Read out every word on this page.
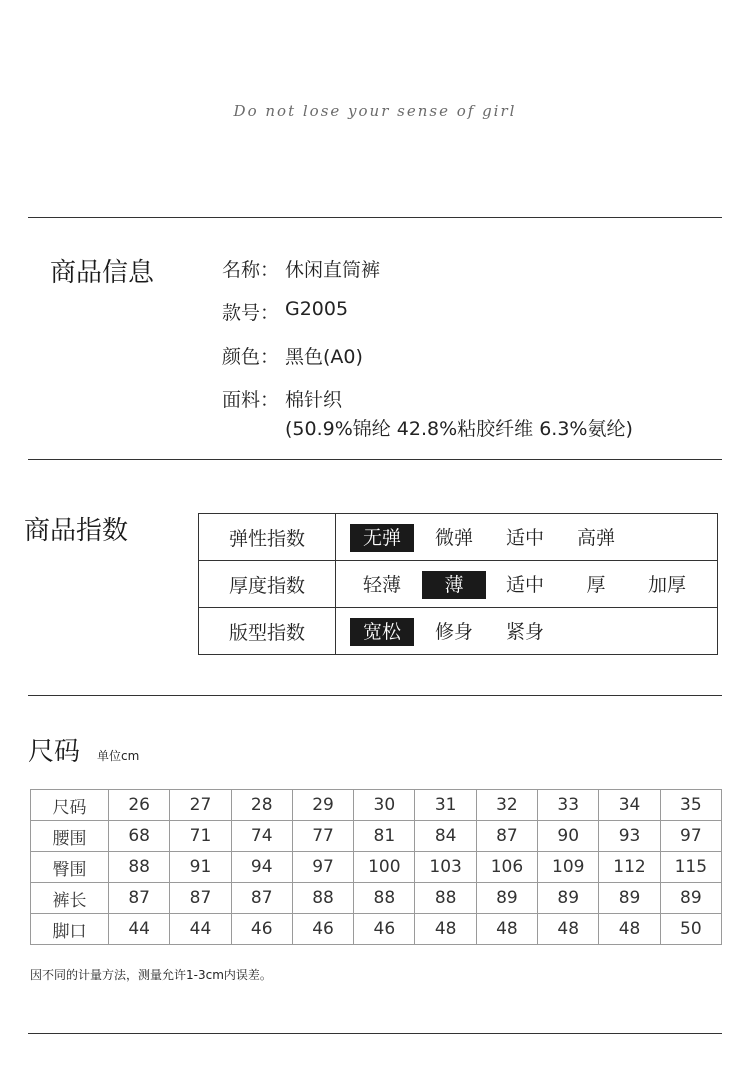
Do not lose your sense of girl
商品信息	名称： 休闲直筒裤
款号： G2005
颜色： 黑色(A0)
面料： 棉针织
(50.9%锦纶 42.8%粘胶纤维 6.3%氨纶)
商品指数	弹性指数	无弹 微弹 适中 高弹

厚度指数	轻薄 薄 适中 厚 加厚

版型指数	宽松 修身 紧身
尺码 单位cm
尺码	26	27	28	29	30	31	32	33	34	35
腰围	68	71	74	77	81	84	87	90	93	97
臀围	88	91	94	97	100	103	106	109	112	115
裤长	87	87	87	88	88	88	89	89	89	89
脚口	44	44	46	46	46	48	48	48	48	50
因不同的计量方法，测量允许1-3cm内误差。
